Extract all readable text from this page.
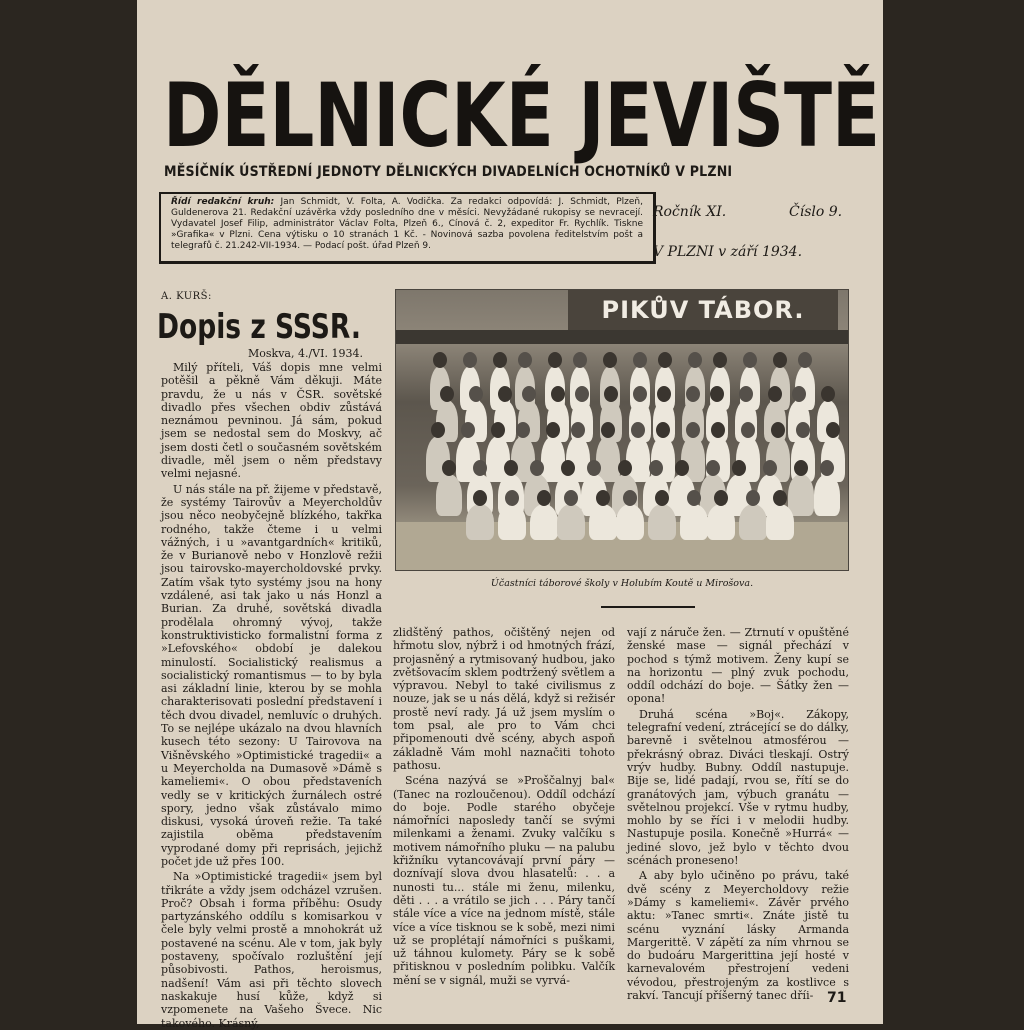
DĚLNICKÉ JEVIŠTĚ
MĚSÍČNÍK ÚSTŘEDNÍ JEDNOTY DĚLNICKÝCH DIVADELNÍCH OCHOTNÍKŮ V PLZNI
Řídí redakční kruh: Jan Schmidt, V. Folta, A. Vodička. Za redakci odpovídá: J. Schmidt, Plzeň, Guldenerova 21. Redakční uzávěrka vždy posledního dne v měsíci. Nevyžádané rukopisy se nevracejí. Vydavatel Josef Filip, administrátor Václav Folta, Plzeň 6., Cínová č. 2, expeditor Fr. Rychlík. Tiskne »Grafika« v Plzni. Cena výtisku o 10 stranách 1 Kč. - Novinová sazba povolena ředitelstvím pošt a telegrafů č. 21.242-VII-1934. — Podací pošt. úřad Plzeň 9.
Ročník XI.	Číslo 9.
V PLZNI v září 1934.
A. KURŠ:
Dopis z SSSR.
Moskva, 4./VI. 1934.
PIKŮV TÁBOR.
Účastníci táborové školy v Holubím Koutě u Mirošova.

Milý příteli, Váš dopis mne velmi potěšil a pěkně Vám děkuji. Máte pravdu, že u nás v ČSR. sovětské divadlo přes všechen obdiv zůstává neznámou pevninou. Já sám, pokud jsem se nedostal sem do Moskvy, ač jsem dosti četl o současném sovětském divadle, měl jsem o něm představy velmi nejasné.

U nás stále na př. žijeme v představě, že systémy Tairovův a Meyercholdův jsou něco neobyčejně blízkého, takřka rodného, takže čteme i u velmi vážných, i u »avantgardních« kritiků, že v Burianově nebo v Honzlově režii jsou tairovsko-mayercholdovské prvky. Zatím však tyto systémy jsou na hony vzdálené, asi tak jako u nás Honzl a Burian. Za druhé, sovětská divadla prodělala ohromný vývoj, takže konstruktivisticko formalistní forma z »Lefovského« období je dalekou minulostí. Socialistický realismus a socialistický romantismus — to by byla asi základní linie, kterou by se mohla charakterisovati poslední představení i těch dvou divadel, nemluvíc o druhých. To se nejlépe ukázalo na dvou hlavních kusech této sezony: U Tairovova na Višněvského »Optimistické tragedii« a u Meyercholda na Dumasově »Dámě s kameliemi«. O obou představeních vedly se v kritických žurnálech ostré spory, jedno však zůstávalo mimo diskusi, vysoká úroveň režie. Ta také zajistila oběma představením vyprodané domy při reprisách, jejichž počet jde už přes 100.

Na »Optimistické tragedii« jsem byl třikráte a vždy jsem odcházel vzrušen. Proč? Obsah i forma příběhu: Osudy partyzánského oddílu s komisarkou v čele byly velmi prostě a mnohokrát už postavené na scénu. Ale v tom, jak byly postaveny, spočívalo rozluštění její působivosti. Pathos, heroismus, nadšení! Vám asi při těchto slovech naskakuje husí kůže, když si vzpomenete na Vašeho Švece. Nic takového. Krásný,

zlidštěný pathos, očištěný nejen od hřmotu slov, nýbrž i od hmotných frází, projasněný a rytmisovaný hudbou, jako zvětšovacím sklem podtržený světlem a výpravou. Nebyl to také civilismus z nouze, jak se u nás dělá, když si režisér prostě neví rady. Já už jsem myslím o tom psal, ale pro to Vám chci připomenouti dvě scény, abych aspoň základně Vám mohl naznačiti tohoto pathosu.

Scéna nazývá se »Proščalnyj bal« (Tanec na rozloučenou). Oddíl odchází do boje. Podle starého obyčeje námořníci naposledy tančí se svými milenkami a ženami. Zvuky valčíku s motivem námořního pluku — na palubu křižníku vytancovávají první páry — doznívají slova dvou hlasatelů: . . a nunosti tu... stále mi ženu, milenku, děti . . . a vrátilo se jich . . . Páry tančí stále více a více na jednom místě, stále více a více tisknou se k sobě, mezi nimi už se proplétají námořníci s puškami, už táhnou kulomety. Páry se k sobě přitisknou v posledním polibku. Valčík mění se v signál, muži se vyrvá-

vají z náruče žen. — Ztrnutí v opuštěné ženské mase — signál přechází v pochod s týmž motivem. Ženy kupí se na horizontu — plný zvuk pochodu, oddíl odchází do boje. — Šátky žen — opona!

Druhá scéna »Boj«. Zákopy, telegrafní vedení, ztrácející se do dálky, barevně i světelnou atmosférou — překrásný obraz. Diváci tleskají. Ostrý vrýv hudby. Bubny. Oddíl nastupuje. Bije se, lidé padají, rvou se, řítí se do granátových jam, výbuch granátu — světelnou projekcí. Vše v rytmu hudby, mohlo by se říci i v melodii hudby. Nastupuje posila. Konečně »Hurrá« — jediné slovo, jež bylo v těchto dvou scénách proneseno!

A aby bylo učiněno po právu, také dvě scény z Meyercholdovy režie »Dámy s kameliemi«. Závěr prvého aktu: »Tanec smrti«. Znáte jistě tu scénu vyznání lásky Armanda Margerittě. V zápětí za ním vhrnou se do budoáru Margerittina její hosté v karnevalovém přestrojení vedeni vévodou, přestrojeným za kostlivce s rakví. Tancují příšerný tanec dříi- 71
